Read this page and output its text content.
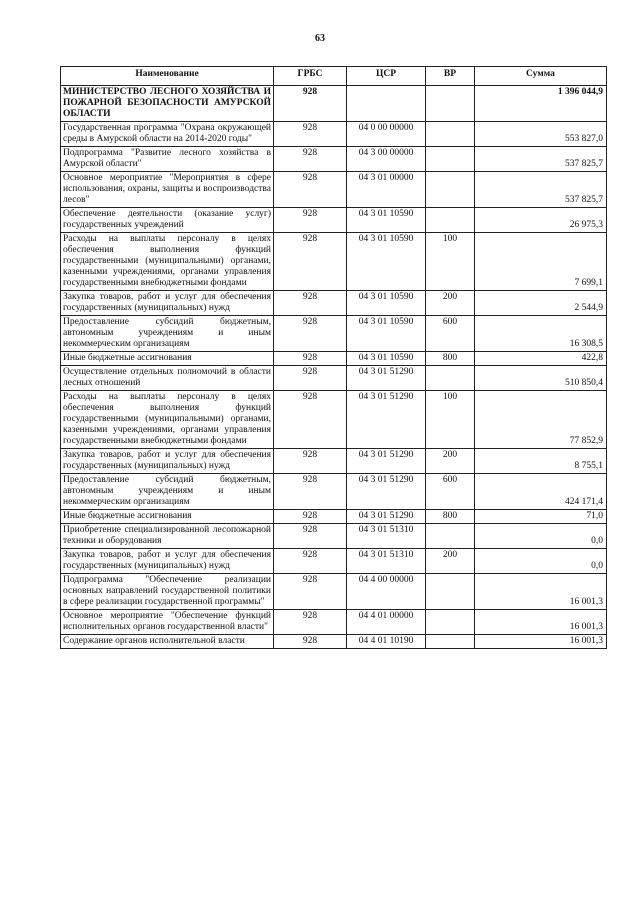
63
Наименование	ГРБС	ЦСР	ВР	Сумма
МИНИСТЕРСТВО ЛЕСНОГО ХОЗЯЙСТВА И ПОЖАРНОЙ БЕЗОПАСНОСТИ АМУРСКОЙ ОБЛАСТИ	928			1 396 044,9
Государственная программа "Охрана окружающей среды в Амурской области на 2014-2020 годы"	928	04 0 00 00000		553 827,0
Подпрограмма "Развитие лесного хозяйства в Амурской области"	928	04 3 00 00000		537 825,7
Основное мероприятие "Мероприятия в сфере использования, охраны, защиты и воспроизводства лесов"	928	04 3 01 00000		537 825,7
Обеспечение деятельности (оказание услуг) государственных учреждений	928	04 3 01 10590		26 975,3
Расходы на выплаты персоналу в целях обеспечения выполнения функций государственными (муниципальными) органами, казенными учреждениями, органами управления государственными внебюджетными фондами	928	04 3 01 10590	100	7 699,1
Закупка товаров, работ и услуг для обеспечения государственных (муниципальных) нужд	928	04 3 01 10590	200	2 544,9
Предоставление субсидий бюджетным, автономным учреждениям и иным некоммерческим организациям	928	04 3 01 10590	600	16 308,5
Иные бюджетные ассигнования	928	04 3 01 10590	800	422,8
Осуществление отдельных полномочий в области лесных отношений	928	04 3 01 51290		510 850,4
Расходы на выплаты персоналу в целях обеспечения выполнения функций государственными (муниципальными) органами, казенными учреждениями, органами управления государственными внебюджетными фондами	928	04 3 01 51290	100	77 852,9
Закупка товаров, работ и услуг для обеспечения государственных (муниципальных) нужд	928	04 3 01 51290	200	8 755,1
Предоставление субсидий бюджетным, автономным учреждениям и иным некоммерческим организациям	928	04 3 01 51290	600	424 171,4
Иные бюджетные ассигнования	928	04 3 01 51290	800	71,0
Приобретение специализированной лесопожарной техники и оборудования	928	04 3 01 51310		0,0
Закупка товаров, работ и услуг для обеспечения государственных (муниципальных) нужд	928	04 3 01 51310	200	0,0
Подпрограмма "Обеспечение реализации основных направлений государственной политики в сфере реализации государственной программы"	928	04 4 00 00000		16 001,3
Основное мероприятие "Обеспечение функций исполнительных органов государственной власти"	928	04 4 01 00000		16 001,3
Содержание органов исполнительной власти	928	04 4 01 10190		16 001,3
